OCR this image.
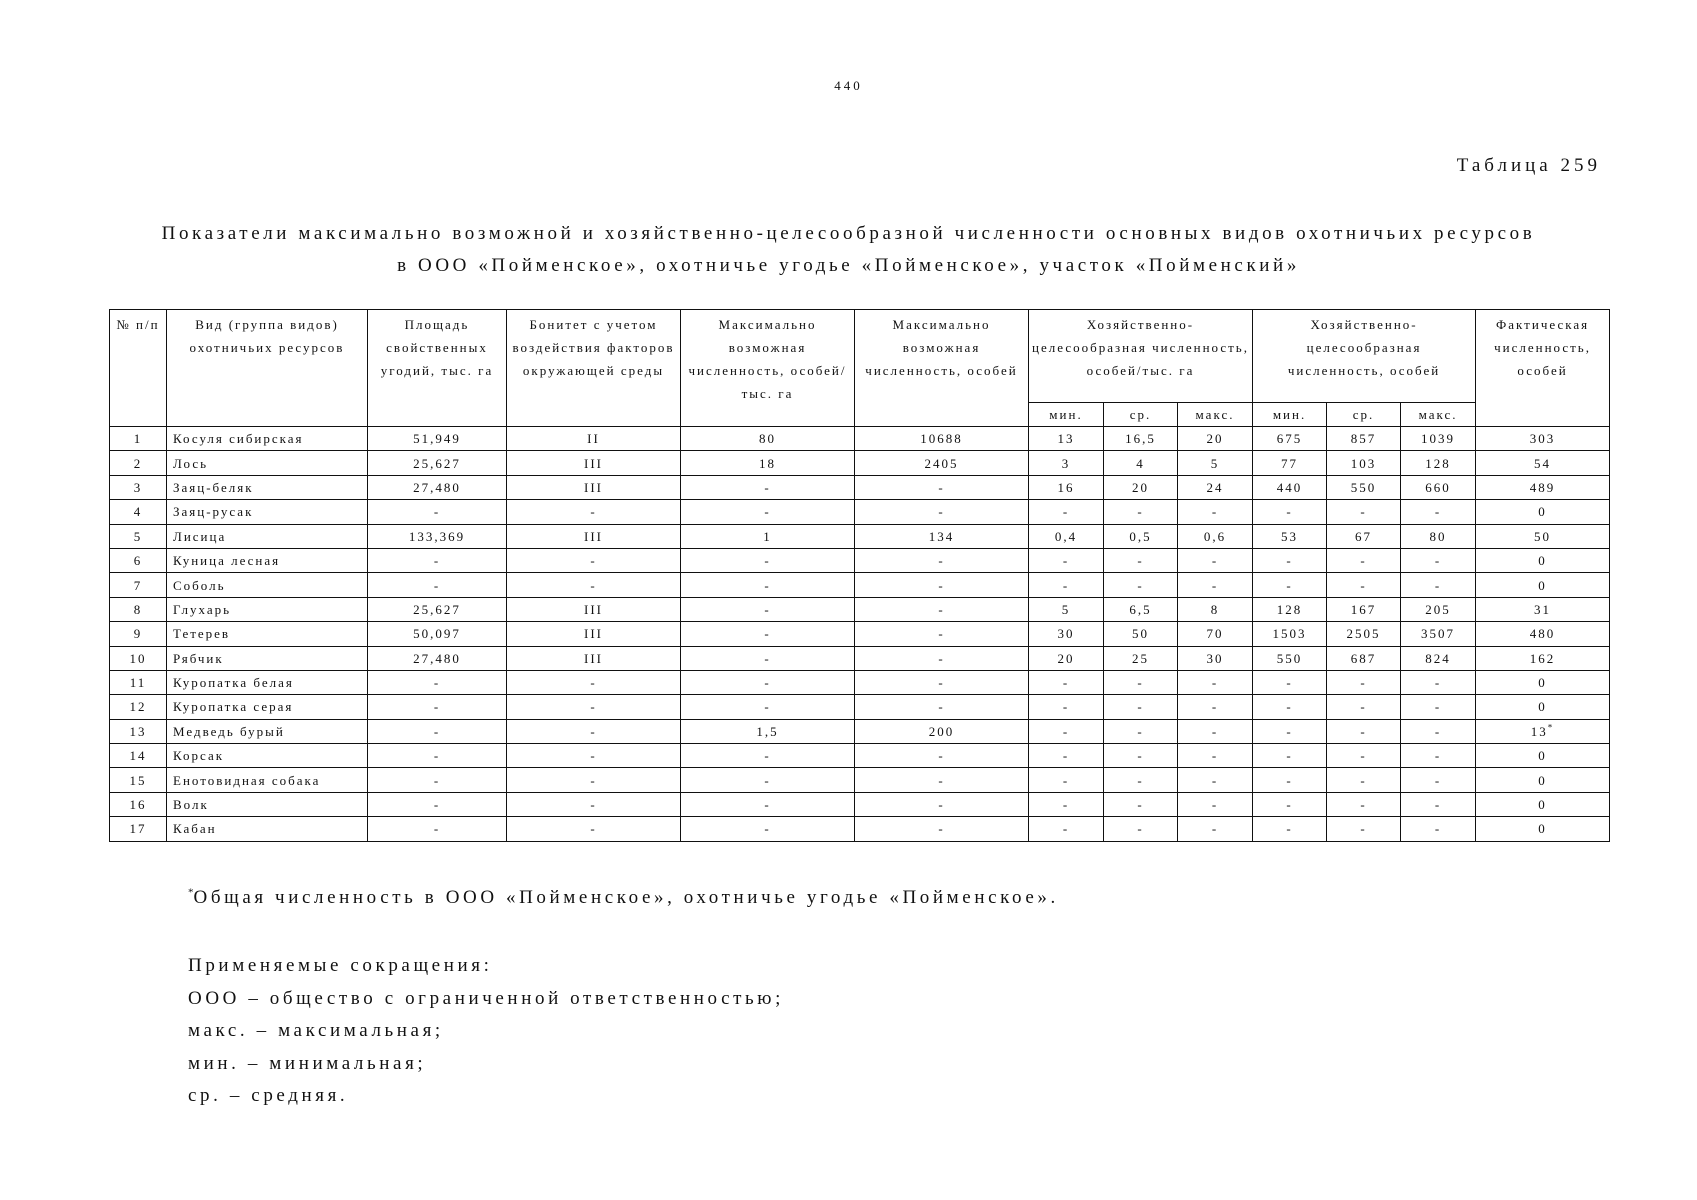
440
Таблица 259
Показатели максимально возможной и хозяйственно-целесообразной численности основных видов охотничьих ресурсов
в ООО «Пойменское», охотничье угодье «Пойменское», участок «Пойменский»
№ п/п	Вид (группа видов) охотничьих ресурсов	Площадь свойственных угодий, тыс. га	Бонитет с учетом воздействия факторов окружающей среды	Максимально возможная численность, особей/тыс. га	Максимально возможная численность, особей	Хозяйственно-целесообразная численность, особей/тыс. га			Хозяйственно-целесообразная численность, особей			Фактическая численность, особей
						мин.	ср.	макс.	мин.	ср.	макс.	
1	Косуля сибирская	51,949	II	80	10688	13	16,5	20	675	857	1039	303
2	Лось	25,627	III	18	2405	3	4	5	77	103	128	54
3	Заяц-беляк	27,480	III	-	-	16	20	24	440	550	660	489
4	Заяц-русак	-	-	-	-	-	-	-	-	-	-	0
5	Лисица	133,369	III	1	134	0,4	0,5	0,6	53	67	80	50
6	Куница лесная	-	-	-	-	-	-	-	-	-	-	0
7	Соболь	-	-	-	-	-	-	-	-	-	-	0
8	Глухарь	25,627	III	-	-	5	6,5	8	128	167	205	31
9	Тетерев	50,097	III	-	-	30	50	70	1503	2505	3507	480
10	Рябчик	27,480	III	-	-	20	25	30	550	687	824	162
11	Куропатка белая	-	-	-	-	-	-	-	-	-	-	0
12	Куропатка серая	-	-	-	-	-	-	-	-	-	-	0
13	Медведь бурый	-	-	1,5	200	-	-	-	-	-	-	13*
14	Корсак	-	-	-	-	-	-	-	-	-	-	0
15	Енотовидная собака	-	-	-	-	-	-	-	-	-	-	0
16	Волк	-	-	-	-	-	-	-	-	-	-	0
17	Кабан	-	-	-	-	-	-	-	-	-	-	0
*Общая численность в ООО «Пойменское», охотничье угодье «Пойменское».
Применяемые сокращения:
ООО – общество с ограниченной ответственностью;
макс. – максимальная;
мин. – минимальная;
ср. – средняя.
